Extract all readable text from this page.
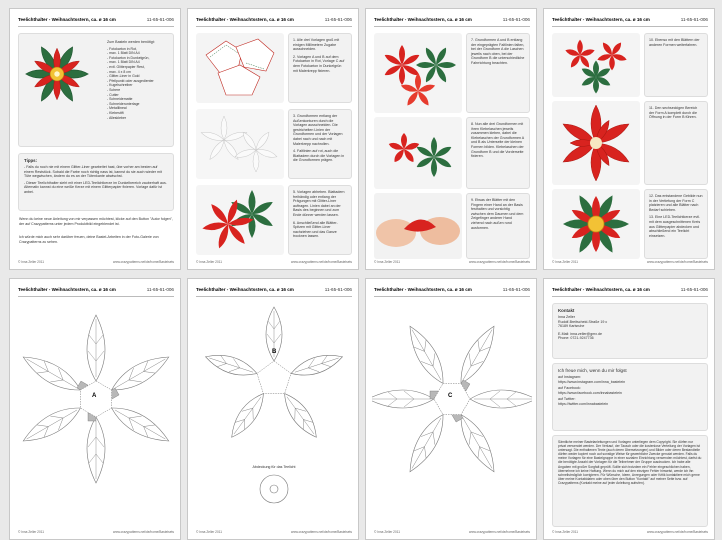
Teelichthalter - Weihnachtsstern, ca. ø 16 cm	11-65-61-006
Zum Basteln werden benötigt:
- Fotokarton in Rot,
- max. 1 Blatt DIN A4
- Fotokarton in Dunkelgrün,
- max. 1 Blatt DIN A4
- evtl. Glitterpapier Rest,
- max. 4 x 8 cm
- Glitter-Liner in Gold
- Pfeilpunkt oder ausgedienter
- Kugelschreiber
- Schere
- Cutter
- Schneidematte
- Schneiderunterlage
- Metalllineal
- Klebestift
- Alleskleber
Tipps:
- Falls du noch nie mit einem Glitter-Liner gearbeitet hast, übe vorher am besten auf einem Reststück. Sobald die Farbe noch richtig nass ist, kannst du sie auch wieder mit Tüte wegwischen, ändern du es an der Tütenkante abwischst.
- Dieser Teelichthalter sieht mit einer LED-Teelichtkerze im Dunkelbereich zauberhaft aus. Alternativ kannst du eine weiße Kerze mit einem Glitterpapier fixieren. Vorlage dafür ist anbei.
Wenn du keine neue Anleitung von mir verpassen möchtest, klicke auf den Button "Autor folgen", der auf Crazypatterns unter jedem Produktbild eingeblendet ist.
Ich würde mich auch sehr darüber freuen, deine Bastel-Arbeiten in der Foto-Galerie von Crazypatterns zu sehen.
© Inna Zeller 2011	www.crazypatterns.net/de/home/Bastelsets
Teelichthalter - Weihnachtsstern, ca. ø 16 cm	11-65-61-006
1. Alle drei Vorlagen groß mit einigen Millimetern Zugabe ausschneiden.
2. Vorlagen A und B auf dem Fotokarton in Rot, Vorlage C auf dem Fotokarton in Dunkelgrün mit Malerkrepp fixieren.
3. Grundformen entlang der Außenkonturen durch die Vorlagen ausschneiden. Die gestrichelten Linien der Grundformen und der Vorlagen dabei nach und nach mit Malerkrepp nachrollen.
4. Faltlinien auf rot, auch die Blattadern durch die Vorlagen in die Grundformen prägen.
5. Vorlagen abheben. Blattadern freihändig oder entlang der Prägungen mit Glitter-Liner auftragen. Linien dabei an der Basis des beginnen und zum Ende dünner werden lassen.
6. Anschließend alle Blätter-Spitzen mit Glitter-Liner nachziehen und das Ganze trocknen lassen.
© Inna Zeller 2011	www.crazypatterns.net/de/home/Bastelsets
Teelichthalter - Weihnachtsstern, ca. ø 16 cm	11-65-61-006
7. Grundformen A und B entlang der eingeprägten Faltlinien falten, bei der Grundform A die Laschen jeweils nach oben, bei der Grundform B die unterschiedliche Fahrrichtung beachten.
8. Nun alle drei Grundformen mit ihren Klebelaschen jeweils zusammen kleben, dabei die Klebelaschen der Grundformen A und B als Unterseite der kleinen Formen bilden. Klebelaschen der Grundform B und die Vorderseite fixieren.
9. Etwas der Blätter mit den Fingern einer Hand an der Basis festhalten und vorsichtig zwischen dem Daumen und dem Zeigefinger anderer Hand ziehend nach außen rund ausformen.
© Inna Zeller 2011	www.crazypatterns.net/de/home/Bastelsets
Teelichthalter - Weihnachtsstern, ca. ø 16 cm	11-65-61-006
10. Ebenso mit den Blättern der anderen Formen weiterfahren.
11. Den sechseckigen Bereich der Form A komplett durch die Öffnung in der Form B führen.
12. Das entstandene Gebilde nun in der Vertiefung der Form C platzieren und alle Blätter nach Bedarf schieben.
13. Eine LED-Teelichtkerze evtl. mit dem ausgeschnittenen Kreis aus Glitterpapier abdecken und abschließend ein Teelicht einsetzen.
© Inna Zeller 2011	www.crazypatterns.net/de/home/Bastelsets
Teelichthalter - Weihnachtsstern, ca. ø 16 cm	11-65-61-006
A
© Inna Zeller 2011	www.crazypatterns.net/de/home/Bastelsets
Teelichthalter - Weihnachtsstern, ca. ø 16 cm	11-65-61-006
B
Abdeckung für das Teelicht
© Inna Zeller 2011	www.crazypatterns.net/de/home/Bastelsets
Teelichthalter - Weihnachtsstern, ca. ø 16 cm	11-65-61-006
C
© Inna Zeller 2011	www.crazypatterns.net/de/home/Bastelsets
Teelichthalter - Weihnachtsstern, ca. ø 16 cm	11-65-61-006
Kontakt
Inna Zeller
Rudolf-Breitscheid-Straße 19 c
76189 Karlsruhe
E-Mail: inna.zeller@gmx.de
Phone: 0721-9247736
Ich freue mich, wenn du mir folgst
auf Instagram:
https://www.instagram.com/inna_bastelein
auf Facebook:
https://www.facebook.com/innabastelein
auf Twitter:
https://twitter.com/innabastelein
Sämtliche meiner Bastelanleitungen und Vorlagen unterliegen dem Copyright. Sie dürfen nur privat verwendet werden. Der Verkauf, der Tausch oder die kostenlose Verteilung der Vorlagen ist untersagt. Die enthaltenen Texte (auch deren Übersetzungen) und Bilder oder deren Bestandteile dürfen weder kopiert noch auf sonstige Weise für gewerbliche Zwecke genutzt werden. Falls du meine Vorlagen für eine Bastelgruppe in einer sozialen Einrichtung verwenden möchtest, darfst du die benötigte Anzahl der Vorlagen für die Teilnehmer der Gruppe ausdrucken. Ich habe alle Angaben mit großer Sorgfalt geprüft. Sollte sich trotzdem ein Fehler eingeschlichen haben, übernehme ich keine Haftung. Wenn du mich auf den einzigen Fehler hinweist, werde ich ihn schnellstmöglich korrigieren. Für Wünsche, Ideen, Anregungen oder Kritik kontaktiere mich gerne über meine Kontaktdaten oder oben über den Button "Kontakt" auf meiner Seite bzw. auf Crazypatterns (Kontakt meine auf jeder Anleitung aufrufen).
© Inna Zeller 2011	www.crazypatterns.net/de/home/Bastelsets
